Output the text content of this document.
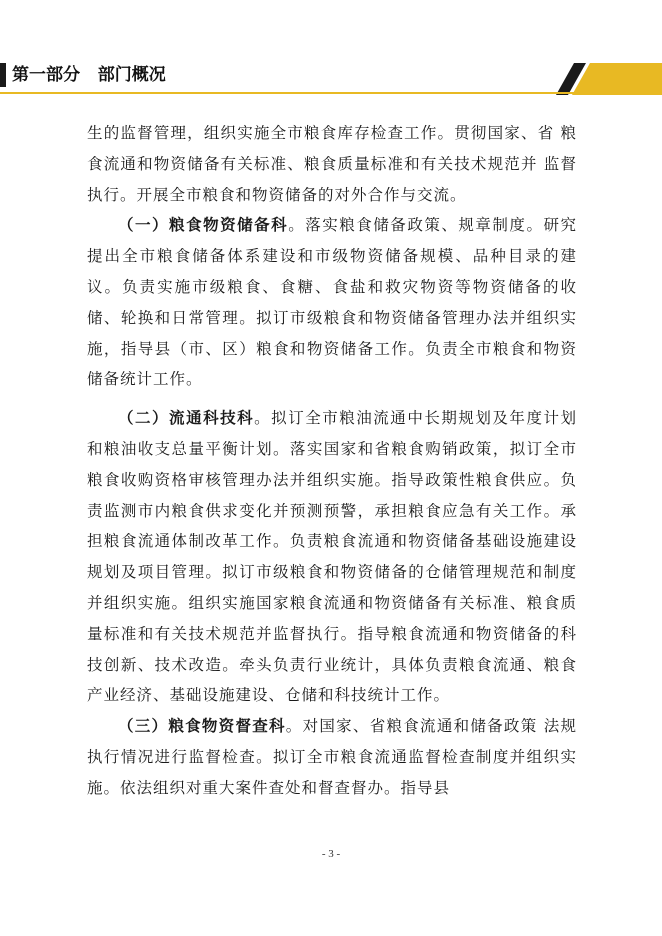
第一部分   部门概况

生的监督管理，组织实施全市粮食库存检查工作。贯彻国家、省 粮食流通和物资储备有关标准、粮食质量标准和有关技术规范并 监督执行。开展全市粮食和物资储备的对外合作与交流。

（一）粮食物资储备科。落实粮食储备政策、规章制度。研究提出全市粮食储备体系建设和市级物资储备规模、品种目录的建议。负责实施市级粮食、食糖、食盐和救灾物资等物资储备的收储、轮换和日常管理。拟订市级粮食和物资储备管理办法并组织实施，指导县（市、区）粮食和物资储备工作。负责全市粮食和物资储备统计工作。

（二）流通科技科。拟订全市粮油流通中长期规划及年度计划和粮油收支总量平衡计划。落实国家和省粮食购销政策，拟订全市粮食收购资格审核管理办法并组织实施。指导政策性粮食供应。负责监测市内粮食供求变化并预测预警，承担粮食应急有关工作。承担粮食流通体制改革工作。负责粮食流通和物资储备基础设施建设规划及项目管理。拟订市级粮食和物资储备的仓储管理规范和制度并组织实施。组织实施国家粮食流通和物资储备有关标准、粮食质量标准和有关技术规范并监督执行。指导粮食流通和物资储备的科技创新、技术改造。牵头负责行业统计，具体负责粮食流通、粮食产业经济、基础设施建设、仓储和科技统计工作。

（三）粮食物资督查科。对国家、省粮食流通和储备政策 法规执行情况进行监督检查。拟订全市粮食流通监督检查制度并组织实施。依法组织对重大案件查处和督查督办。指导县

- 3 -
